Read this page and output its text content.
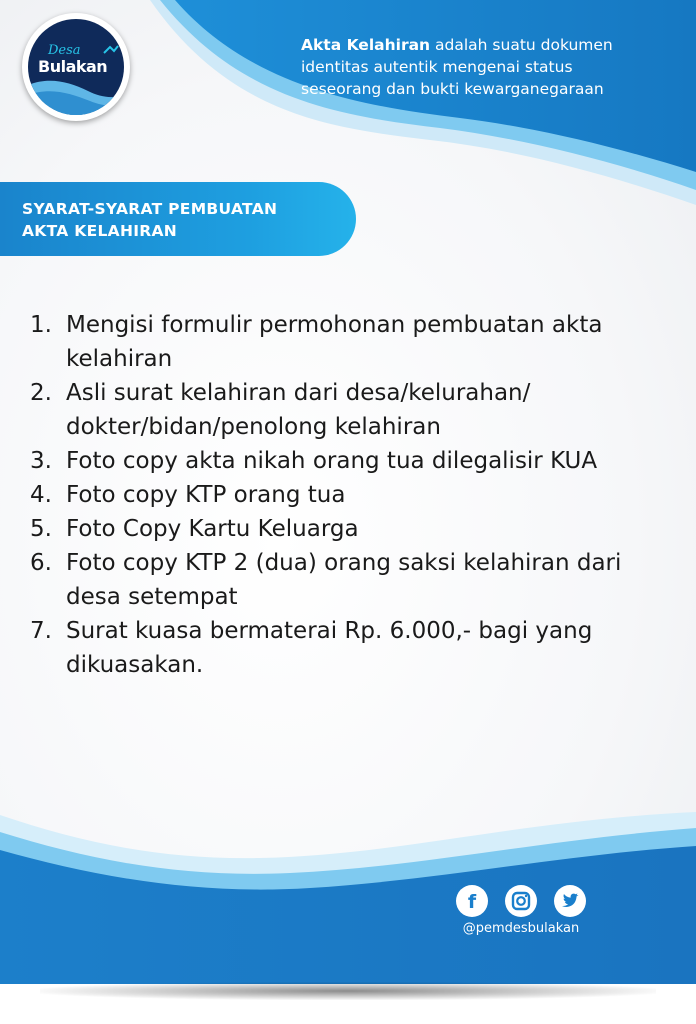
Desa
Bulakan
Akta Kelahiran adalah suatu dokumen
identitas autentik mengenai status
seseorang dan bukti kewarganegaraan
SYARAT-SYARAT PEMBUATAN
AKTA KELAHIRAN
1. Mengisi formulir permohonan pembuatan akta kelahiran
2. Asli surat kelahiran dari desa/kelurahan/ dokter/bidan/penolong kelahiran
3. Foto copy akta nikah orang tua dilegalisir KUA
4. Foto copy KTP orang tua
5. Foto Copy Kartu Keluarga
6. Foto copy KTP 2 (dua) orang saksi kelahiran dari desa setempat
7. Surat kuasa bermaterai Rp. 6.000,- bagi yang dikuasakan.
f
@pemdesbulakan
